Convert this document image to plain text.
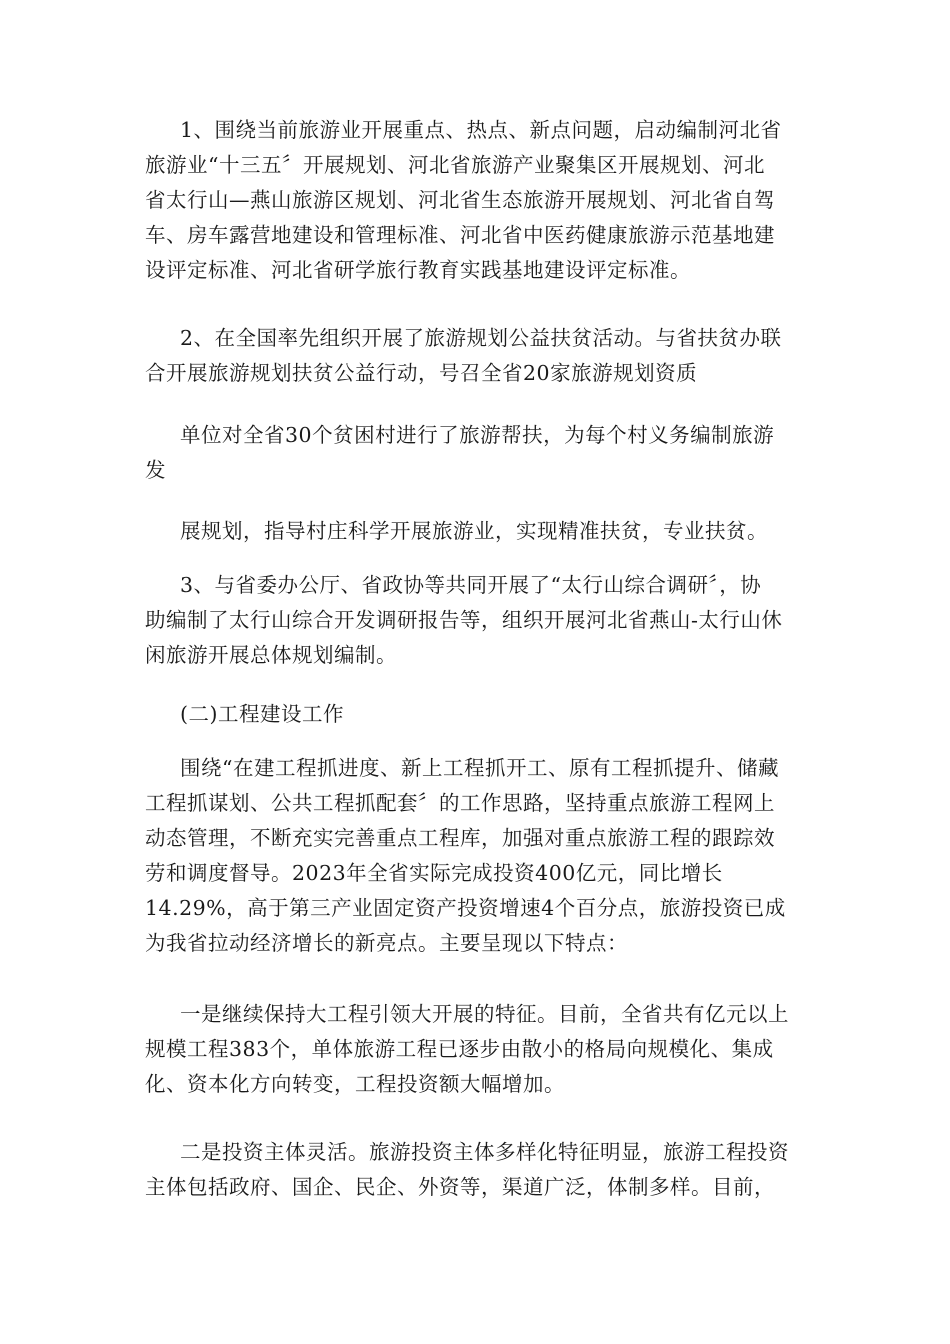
1、围绕当前旅游业开展重点、热点、新点问题，启动编制河北省
旅游业“十三五〞开展规划、河北省旅游产业聚集区开展规划、河北
省太行山—燕山旅游区规划、河北省生态旅游开展规划、河北省自驾
车、房车露营地建设和管理标准、河北省中医药健康旅游示范基地建
设评定标准、河北省研学旅行教育实践基地建设评定标准。
2、在全国率先组织开展了旅游规划公益扶贫活动。与省扶贫办联
合开展旅游规划扶贫公益行动，号召全省20家旅游规划资质
单位对全省30个贫困村进行了旅游帮扶，为每个村义务编制旅游
发
展规划，指导村庄科学开展旅游业，实现精准扶贫，专业扶贫。
3、与省委办公厅、省政协等共同开展了“太行山综合调研〞，协
助编制了太行山综合开发调研报告等，组织开展河北省燕山-太行山休
闲旅游开展总体规划编制。
(二)工程建设工作
围绕“在建工程抓进度、新上工程抓开工、原有工程抓提升、储藏
工程抓谋划、公共工程抓配套〞的工作思路，坚持重点旅游工程网上
动态管理，不断充实完善重点工程库，加强对重点旅游工程的跟踪效
劳和调度督导。2023年全省实际完成投资400亿元，同比增长
14.29%，高于第三产业固定资产投资增速4个百分点，旅游投资已成
为我省拉动经济增长的新亮点。主要呈现以下特点：
一是继续保持大工程引领大开展的特征。目前，全省共有亿元以上
规模工程383个，单体旅游工程已逐步由散小的格局向规模化、集成
化、资本化方向转变，工程投资额大幅增加。
二是投资主体灵活。旅游投资主体多样化特征明显，旅游工程投资
主体包括政府、国企、民企、外资等，渠道广泛，体制多样。目前，
